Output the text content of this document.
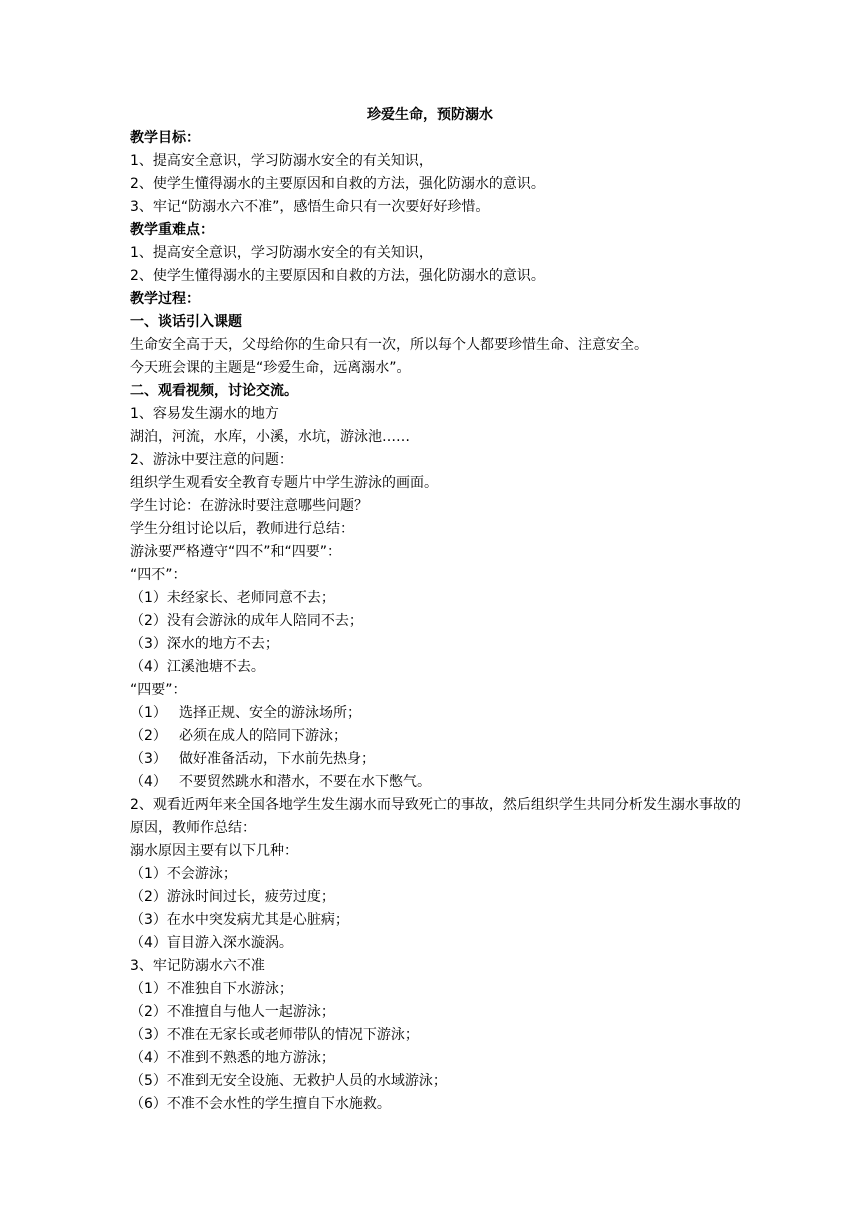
珍爱生命，预防溺水
教学目标：
1、提高安全意识，学习防溺水安全的有关知识，
2、使学生懂得溺水的主要原因和自救的方法，强化防溺水的意识。
3、牢记“防溺水六不准”，感悟生命只有一次要好好珍惜。
教学重难点：
1、提高安全意识，学习防溺水安全的有关知识，
2、使学生懂得溺水的主要原因和自救的方法，强化防溺水的意识。
教学过程：
一、谈话引入课题
生命安全高于天，父母给你的生命只有一次，所以每个人都要珍惜生命、注意安全。
今天班会课的主题是“珍爱生命，远离溺水”。
二、观看视频，讨论交流。
1、容易发生溺水的地方
湖泊，河流，水库，小溪，水坑，游泳池……
2、游泳中要注意的问题：
组织学生观看安全教育专题片中学生游泳的画面。
学生讨论：在游泳时要注意哪些问题？
学生分组讨论以后，教师进行总结：
游泳要严格遵守“四不”和“四要”：
“四不”：
（1）未经家长、老师同意不去；
（2）没有会游泳的成年人陪同不去；
（3）深水的地方不去；
（4）江溪池塘不去。
“四要”：
（1） 选择正规、安全的游泳场所；
（2） 必须在成人的陪同下游泳；
（3） 做好准备活动，下水前先热身；
（4） 不要贸然跳水和潜水，不要在水下憋气。
2、观看近两年来全国各地学生发生溺水而导致死亡的事故，然后组织学生共同分析发生溺水事故的原因，教师作总结：
溺水原因主要有以下几种：
（1）不会游泳；
（2）游泳时间过长，疲劳过度；
（3）在水中突发病尤其是心脏病；
（4）盲目游入深水漩涡。
3、牢记防溺水六不准
（1）不准独自下水游泳；
（2）不准擅自与他人一起游泳；
（3）不准在无家长或老师带队的情况下游泳；
（4）不准到不熟悉的地方游泳；
（5）不准到无安全设施、无救护人员的水域游泳；
（6）不准不会水性的学生擅自下水施救。
